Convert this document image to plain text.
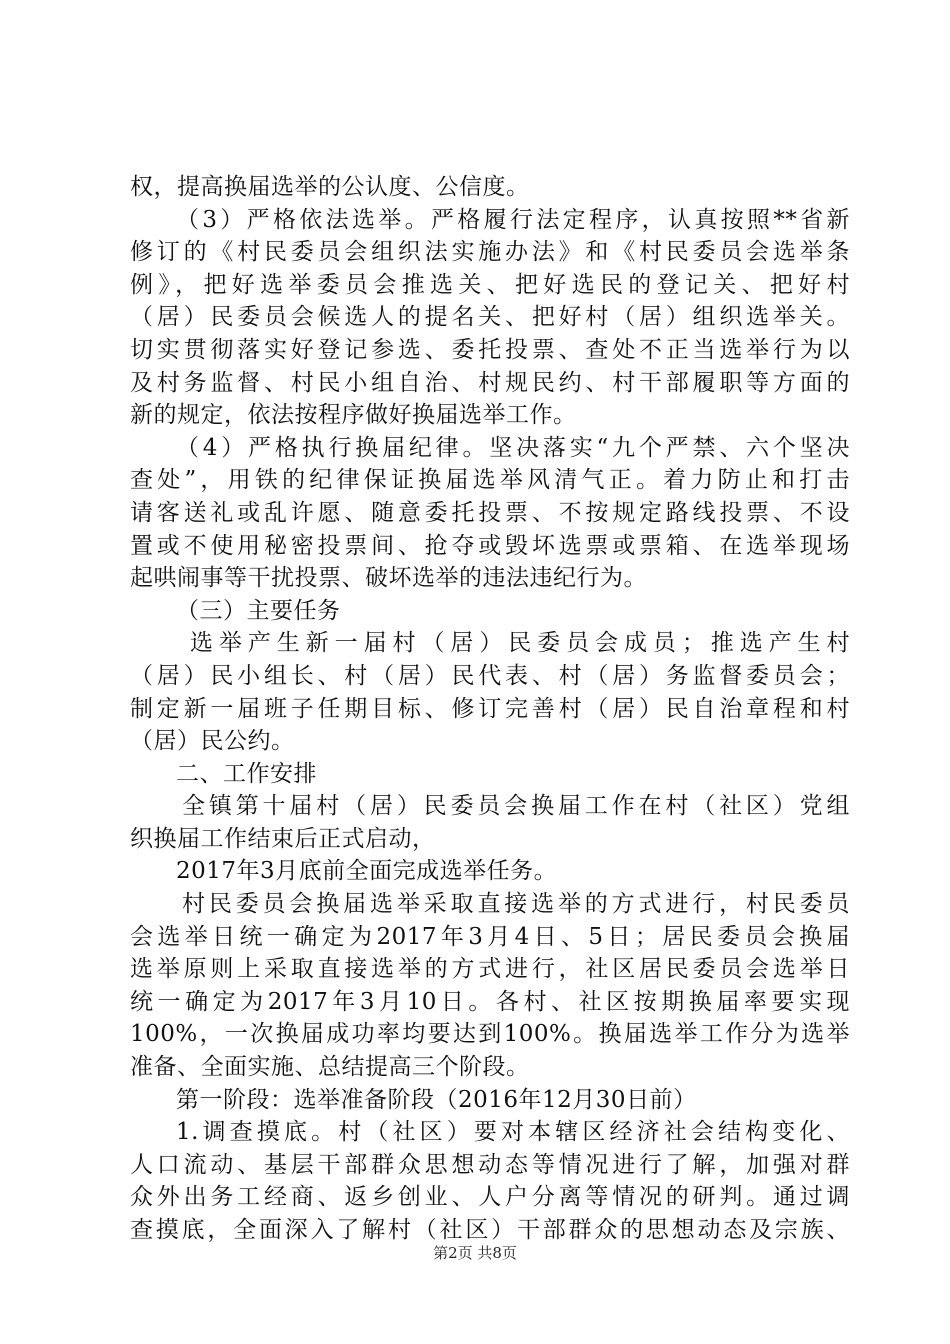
权，提高换届选举的公认度、公信度。
（3）严格依法选举。严格履行法定程序，认真按照**省新
修订的《村民委员会组织法实施办法》和《村民委员会选举条
例》，把好选举委员会推选关、把好选民的登记关、把好村
（居）民委员会候选人的提名关、把好村（居）组织选举关。
切实贯彻落实好登记参选、委托投票、查处不正当选举行为以
及村务监督、村民小组自治、村规民约、村干部履职等方面的
新的规定，依法按程序做好换届选举工作。
（4）严格执行换届纪律。坚决落实“九个严禁、六个坚决
查处”，用铁的纪律保证换届选举风清气正。着力防止和打击
请客送礼或乱许愿、随意委托投票、不按规定路线投票、不设
置或不使用秘密投票间、抢夺或毁坏选票或票箱、在选举现场
起哄闹事等干扰投票、破坏选举的违法违纪行为。
（三）主要任务
选举产生新一届村（居）民委员会成员；推选产生村
（居）民小组长、村（居）民代表、村（居）务监督委员会；
制定新一届班子任期目标、修订完善村（居）民自治章程和村
（居）民公约。
二、工作安排
全镇第十届村（居）民委员会换届工作在村（社区）党组
织换届工作结束后正式启动，
2017年3月底前全面完成选举任务。
村民委员会换届选举采取直接选举的方式进行，村民委员
会选举日统一确定为2017年3月4日、5日；居民委员会换届
选举原则上采取直接选举的方式进行，社区居民委员会选举日
统一确定为2017年3月10日。各村、社区按期换届率要实现
100%，一次换届成功率均要达到100%。换届选举工作分为选举
准备、全面实施、总结提高三个阶段。
第一阶段：选举准备阶段（2016年12月30日前）
1.调查摸底。村（社区）要对本辖区经济社会结构变化、
人口流动、基层干部群众思想动态等情况进行了解，加强对群
众外出务工经商、返乡创业、人户分离等情况的研判。通过调
查摸底，全面深入了解村（社区）干部群众的思想动态及宗族、
第2页 共8页
